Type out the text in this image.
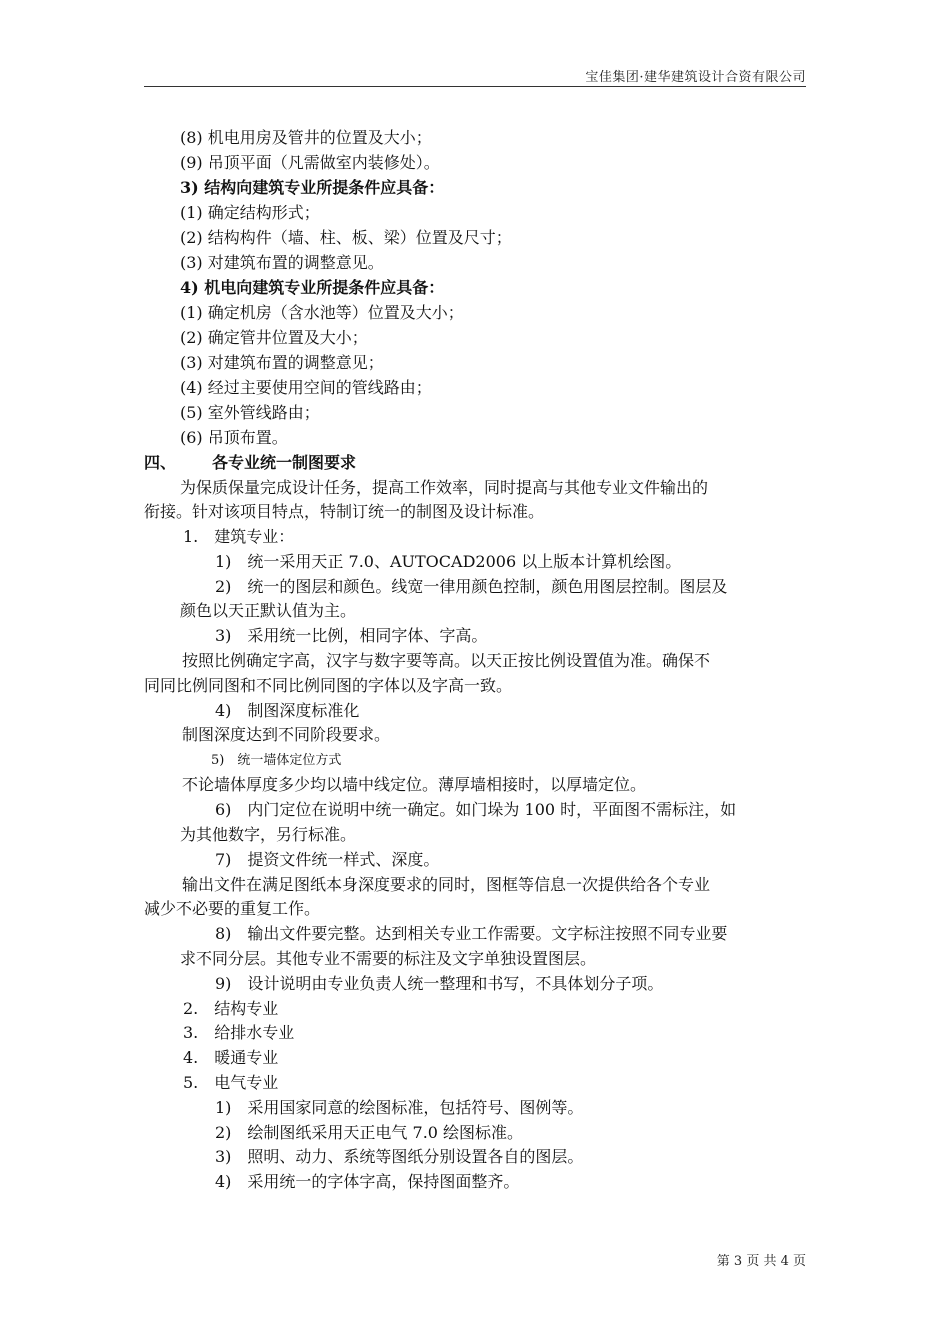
宝佳集团·建华建筑设计合资有限公司
(8) 机电用房及管井的位置及大小；
(9) 吊顶平面（凡需做室内装修处）。
3) 结构向建筑专业所提条件应具备：
(1) 确定结构形式；
(2) 结构构件（墙、柱、板、梁）位置及尺寸；
(3) 对建筑布置的调整意见。
4) 机电向建筑专业所提条件应具备：
(1) 确定机房（含水池等）位置及大小；
(2) 确定管井位置及大小；
(3) 对建筑布置的调整意见；
(4) 经过主要使用空间的管线路由；
(5) 室外管线路由；
(6) 吊顶布置。
四、 各专业统一制图要求
为保质保量完成设计任务，提高工作效率，同时提高与其他专业文件输出的
衔接。针对该项目特点，特制订统一的制图及设计标准。
1.　建筑专业：
1)　统一采用天正 7.0、AUTOCAD2006 以上版本计算机绘图。
2)　统一的图层和颜色。线宽一律用颜色控制，颜色用图层控制。图层及
颜色以天正默认值为主。
3)　采用统一比例，相同字体、字高。
按照比例确定字高，汉字与数字要等高。以天正按比例设置值为准。确保不
同同比例同图和不同比例同图的字体以及字高一致。
4)　制图深度标准化
制图深度达到不同阶段要求。
5)　统一墙体定位方式
不论墙体厚度多少均以墙中线定位。薄厚墙相接时，以厚墙定位。
6)　内门定位在说明中统一确定。如门垛为 100 时，平面图不需标注，如
为其他数字，另行标准。
7)　提资文件统一样式、深度。
输出文件在满足图纸本身深度要求的同时，图框等信息一次提供给各个专业
减少不必要的重复工作。
8)　输出文件要完整。达到相关专业工作需要。文字标注按照不同专业要
求不同分层。其他专业不需要的标注及文字单独设置图层。
9)　设计说明由专业负责人统一整理和书写，不具体划分子项。
2.　结构专业
3.　给排水专业
4.　暖通专业
5.　电气专业
1)　采用国家同意的绘图标准，包括符号、图例等。
2)　绘制图纸采用天正电气 7.0 绘图标准。
3)　照明、动力、系统等图纸分别设置各自的图层。
4)　采用统一的字体字高，保持图面整齐。
第 3 页 共 4 页
